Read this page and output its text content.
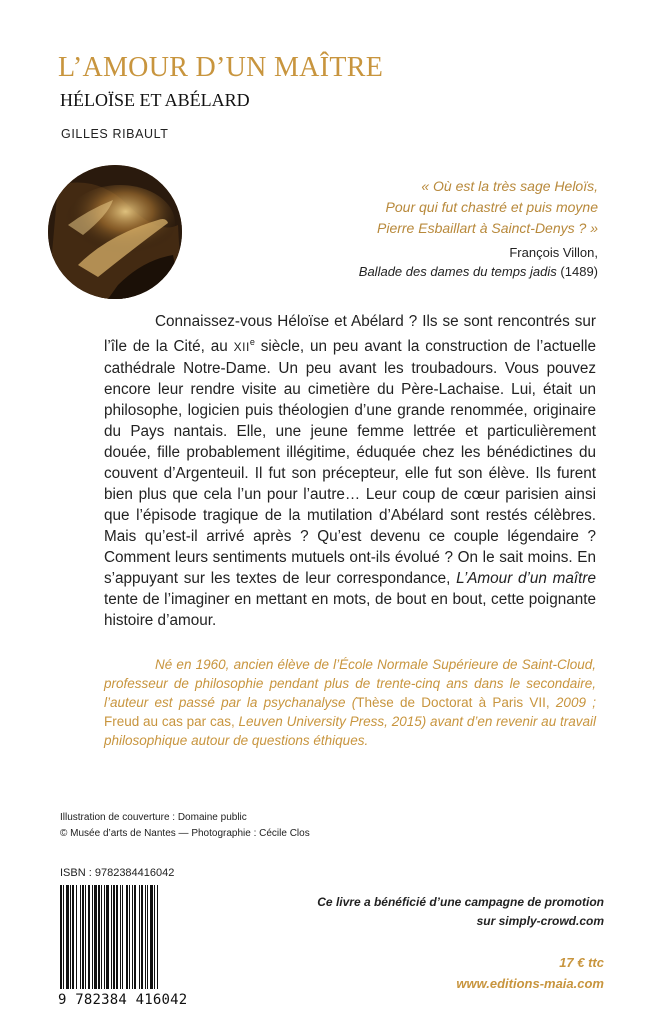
L’AMOUR D’UN MAÎTRE
HÉLOÏSE ET ABÉLARD
GILLES RIBAULT
« Où est la très sage Heloïs,
Pour qui fut chastré et puis moyne
Pierre Esbaillart à Sainct-Denys ? »
François Villon,
Ballade des dames du temps jadis (1489)

Connaissez-vous Héloïse et Abélard ? Ils se sont rencontrés sur l’île de la Cité, au XIIe siècle, un peu avant la construction de l’actuelle cathédrale Notre-Dame. Un peu avant les troubadours. Vous pouvez encore leur rendre visite au cimetière du Père-Lachaise. Lui, était un philosophe, logicien puis théologien d’une grande renommée, originaire du Pays nantais. Elle, une jeune femme lettrée et particulièrement douée, fille probablement illégitime, éduquée chez les bénédictines du couvent d’Argenteuil. Il fut son précepteur, elle fut son élève. Ils furent bien plus que cela l’un pour l’autre… Leur coup de cœur parisien ainsi que l’épisode tragique de la mutilation d’Abélard sont restés célèbres. Mais qu’est-il arrivé après ? Qu’est devenu ce couple légendaire ? Comment leurs sentiments mutuels ont-ils évolué ? On le sait moins. En s’appuyant sur les textes de leur correspondance, L’Amour d’un maître tente de l’imaginer en mettant en mots, de bout en bout, cette poignante histoire d’amour.

Né en 1960, ancien élève de l’École Normale Supérieure de Saint-Cloud, professeur de philosophie pendant plus de trente-cinq ans dans le secondaire, l’auteur est passé par la psychanalyse (Thèse de Doctorat à Paris VII, 2009 ; Freud au cas par cas, Leuven University Press, 2015) avant d’en revenir au travail philosophique autour de questions éthiques.

Illustration de couverture : Domaine public
© Musée d’arts de Nantes — Photographie : Cécile Clos
ISBN : 9782384416042
9 782384 416042
Ce livre a bénéficié d’une campagne de promotion
sur simply-crowd.com
17 € ttc
www.editions-maia.com
